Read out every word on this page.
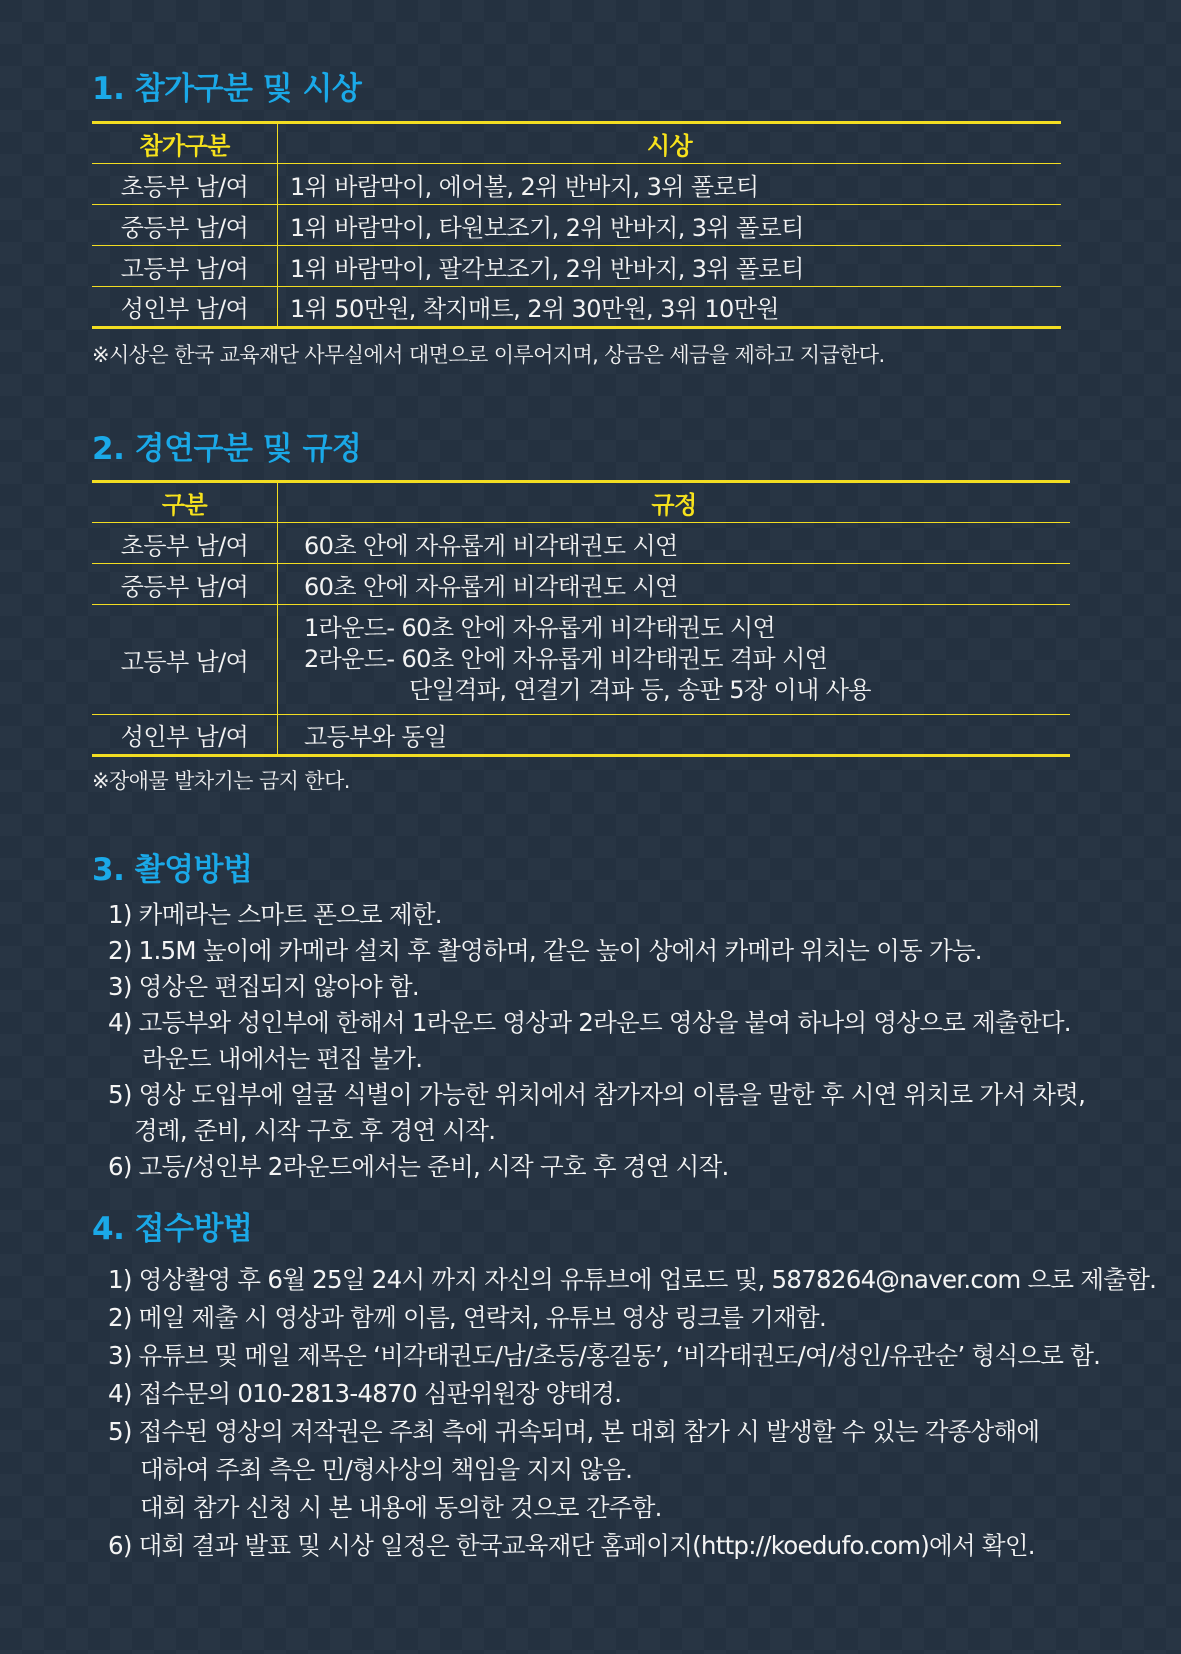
1. 참가구분 및 시상
참가구분	시상
초등부 남/여	1위 바람막이, 에어볼, 2위 반바지, 3위 폴로티
중등부 남/여	1위 바람막이, 타원보조기, 2위 반바지, 3위 폴로티
고등부 남/여	1위 바람막이, 팔각보조기, 2위 반바지, 3위 폴로티
성인부 남/여	1위 50만원, 착지매트, 2위 30만원, 3위 10만원
※시상은 한국 교육재단 사무실에서 대면으로 이루어지며, 상금은 세금을 제하고 지급한다.
2. 경연구분 및 규정
구분	규정
초등부 남/여	60초 안에 자유롭게 비각태권도 시연
중등부 남/여	60초 안에 자유롭게 비각태권도 시연
고등부 남/여	1라운드- 60초 안에 자유롭게 비각태권도 시연
2라운드- 60초 안에 자유롭게 비각태권도 격파 시연
단일격파, 연결기 격파 등, 송판 5장 이내 사용

성인부 남/여	고등부와 동일
※장애물 발차기는 금지 한다.
3. 촬영방법
1) 카메라는 스마트 폰으로 제한.
2) 1.5M 높이에 카메라 설치 후 촬영하며, 같은 높이 상에서 카메라 위치는 이동 가능.
3) 영상은 편집되지 않아야 함.
4) 고등부와 성인부에 한해서 1라운드 영상과 2라운드 영상을 붙여 하나의 영상으로 제출한다.
라운드 내에서는 편집 불가.
5) 영상 도입부에 얼굴 식별이 가능한 위치에서 참가자의 이름을 말한 후 시연 위치로 가서 차렷,
경례, 준비, 시작 구호 후 경연 시작.
6) 고등/성인부 2라운드에서는 준비, 시작 구호 후 경연 시작.
4. 접수방법
1) 영상촬영 후 6월 25일 24시 까지 자신의 유튜브에 업로드 및, 5878264@naver.com 으로 제출함.
2) 메일 제출 시 영상과 함께 이름, 연락처, 유튜브 영상 링크를 기재함.
3) 유튜브 및 메일 제목은 ‘비각태권도/남/초등/홍길동’, ‘비각태권도/여/성인/유관순’ 형식으로 함.
4) 접수문의 010-2813-4870 심판위원장 양태경.
5) 접수된 영상의 저작권은 주최 측에 귀속되며, 본 대회 참가 시 발생할 수 있는 각종상해에
대하여 주최 측은 민/형사상의 책임을 지지 않음.
대회 참가 신청 시 본 내용에 동의한 것으로 간주함.
6) 대회 결과 발표 및 시상 일정은 한국교육재단 홈페이지(http://koedufo.com)에서 확인.
